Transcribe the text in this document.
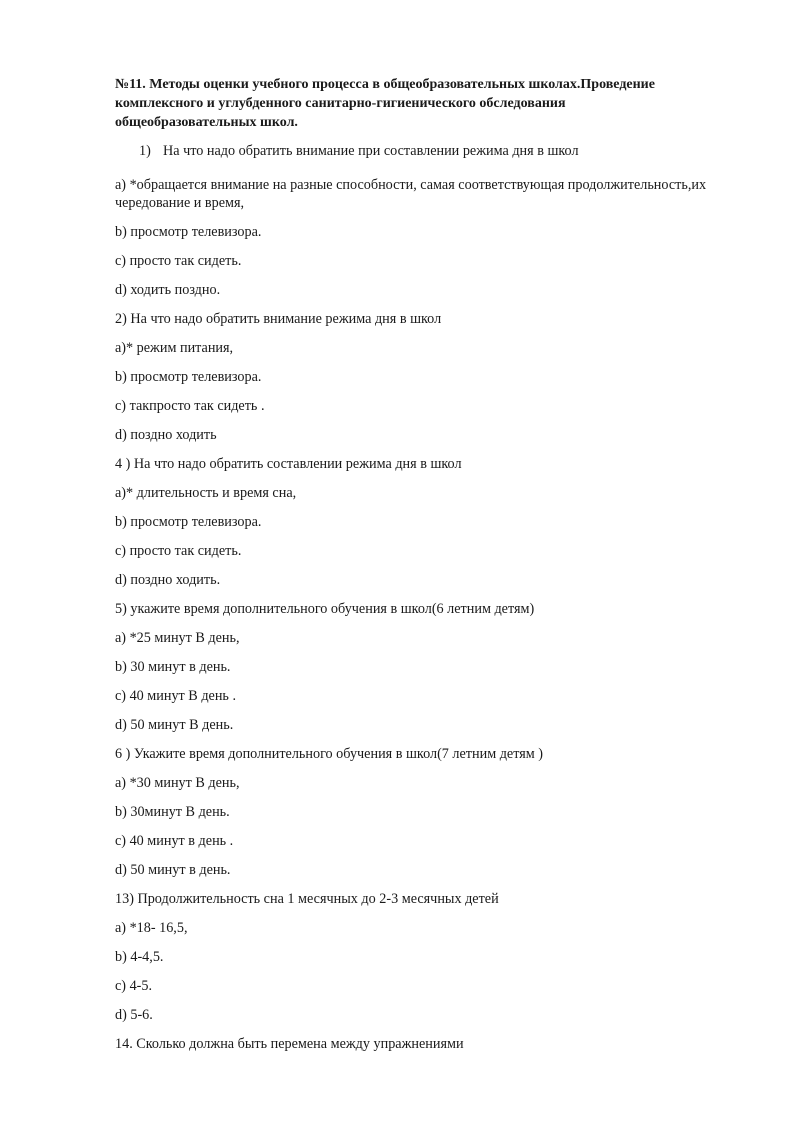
№11. Методы оценки учебного процесса в общеобразовательных школах.Проведение
комплексного и углубденного санитарно-гигиенического обследования
общеобразовательных школ.

1) На что надо обратить внимание при составлении режима дня в школ

a) *обращается внимание на разные способности, самая соответствующая продолжительность,их

чередование и время,

b) просмотр телевизора.

c) просто так сидеть.

d) ходить поздно.

2) На что надо обратить внимание режима дня в школ

a)* режим питания,

b) просмотр телевизора.

c) такпросто так сидеть .

d) поздно ходить

4 ) На что надо обратить составлении режима дня в школ

a)* длительность и время сна,

b) просмотр телевизора.

c) просто так сидеть.

d) поздно ходить.

5) укажите время дополнительного обучения в школ(6 летним детям)

a) *25 минут В день,

b) 30 минут в день.

c) 40 минут В день .

d) 50 минут В день.

6 ) Укажите время дополнительного обучения в школ(7 летним детям )

a) *30 минут В день,

b) 30минут В день.

c) 40 минут в день .

d) 50 минут в день.

13) Продолжительность сна 1 месячных до 2-3 месячных детей

a) *18- 16,5,

b) 4-4,5.

c) 4-5.

d) 5-6.

14. Сколько должна быть перемена между упражнениями
